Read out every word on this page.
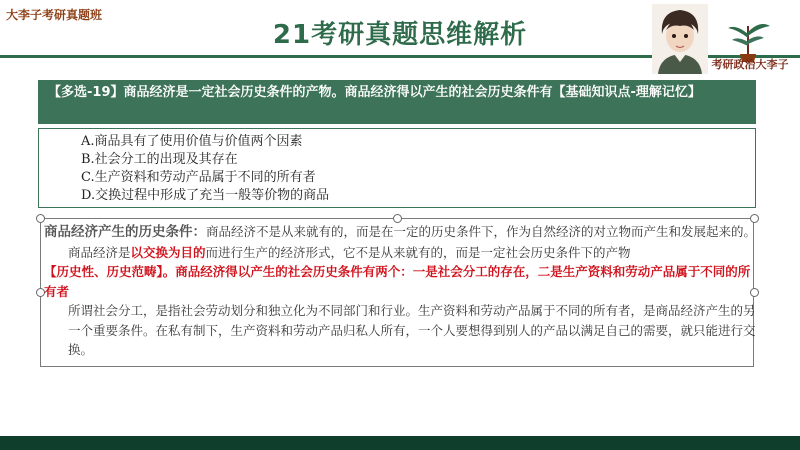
大李子考研真题班
21考研真题思维解析
考研政治大李子
【多选-19】商品经济是一定社会历史条件的产物。商品经济得以产生的社会历史条件有【基础知识点-理解记忆】
A.商品具有了使用价值与价值两个因素
B.社会分工的出现及其存在
C.生产资料和劳动产品属于不同的所有者
D.交换过程中形成了充当一般等价物的商品

商品经济产生的历史条件：商品经济不是从来就有的，而是在一定的历史条件下，作为自然经济的对立物而产生和发展起来的。

商品经济是以交换为目的而进行生产的经济形式，它不是从来就有的，而是一定社会历史条件下的产物

【历史性、历史范畴】。商品经济得以产生的社会历史条件有两个：一是社会分工的存在，二是生产资料和劳动产品属于不同的所有者

所谓社会分工，是指社会劳动划分和独立化为不同部门和行业。生产资料和劳动产品属于不同的所有者，是商品经济产生的另一个重要条件。在私有制下，生产资料和劳动产品归私人所有，一个人要想得到别人的产品以满足自己的需要，就只能进行交换。
